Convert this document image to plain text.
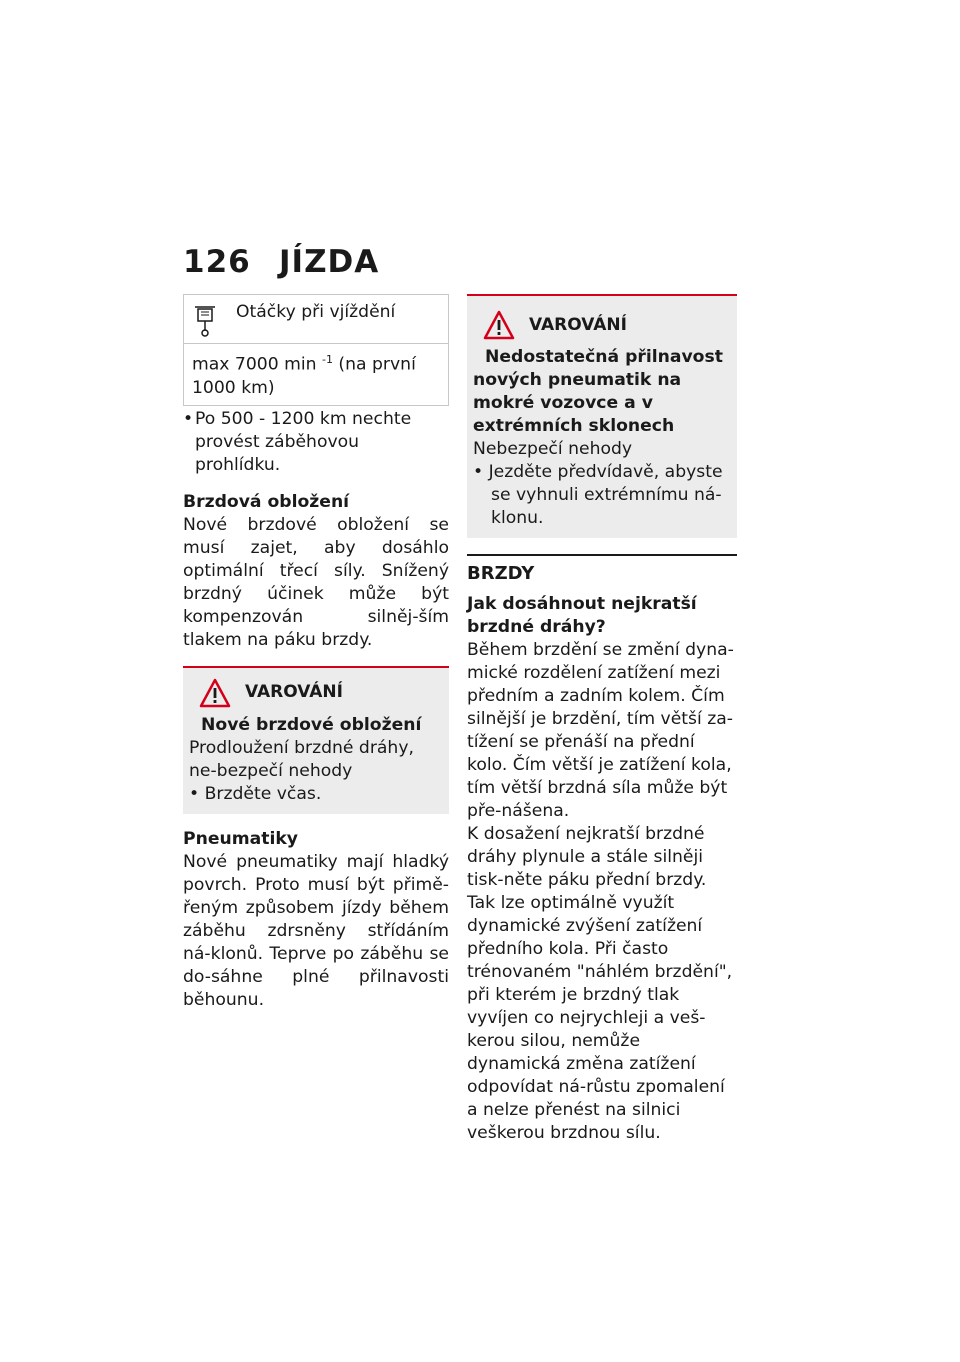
126 JÍZDA
Otáčky při vjíždění
max 7000 min $^{-1}$ (na první
1000 km)
• Po 500 - 1200 km nechte
provést záběhovou prohlídku.

Brzdová obložení

Nové brzdové obložení se musí zajet, aby dosáhlo optimální třecí síly. Snížený brzdný účinek může být kompenzován silněj-ším tlakem na páku brzdy.

VAROVÁNÍ
Nové brzdové obložení
Prodloužení brzdné dráhy, ne-bezpečí nehody
• Brzděte včas.

Pneumatiky

Nové pneumatiky mají hladký povrch. Proto musí být přimě-řeným způsobem jízdy během záběhu zdrsněny střídáním ná-klonů. Teprve po záběhu se do-sáhne plné přilnavosti běhounu.

VAROVÁNÍ
Nedostatečná přilnavost nových pneumatik na mokré vozovce a v extrémních sklonech
Nebezpečí nehody
• Jezděte předvídavě, abyste
se vyhnuli extrémnímu ná-
klonu.
BRZDY
Jak dosáhnout nejkratší brzdné dráhy?

Během brzdění se změní dyna-mické rozdělení zatížení mezi předním a zadním kolem. Čím silnější je brzdění, tím větší za-tížení se přenáší na přední kolo. Čím větší je zatížení kola, tím větší brzdná síla může být pře-nášena.

K dosažení nejkratší brzdné dráhy plynule a stále silněji tisk-něte páku přední brzdy. Tak lze optimálně využít dynamické zvýšení zatížení předního kola. Při často trénovaném "náhlém brzdění", při kterém je brzdný tlak vyvíjen co nejrychleji a veš-kerou silou, nemůže dynamická změna zatížení odpovídat ná-růstu zpomalení a nelze přenést na silnici veškerou brzdnou sílu.
